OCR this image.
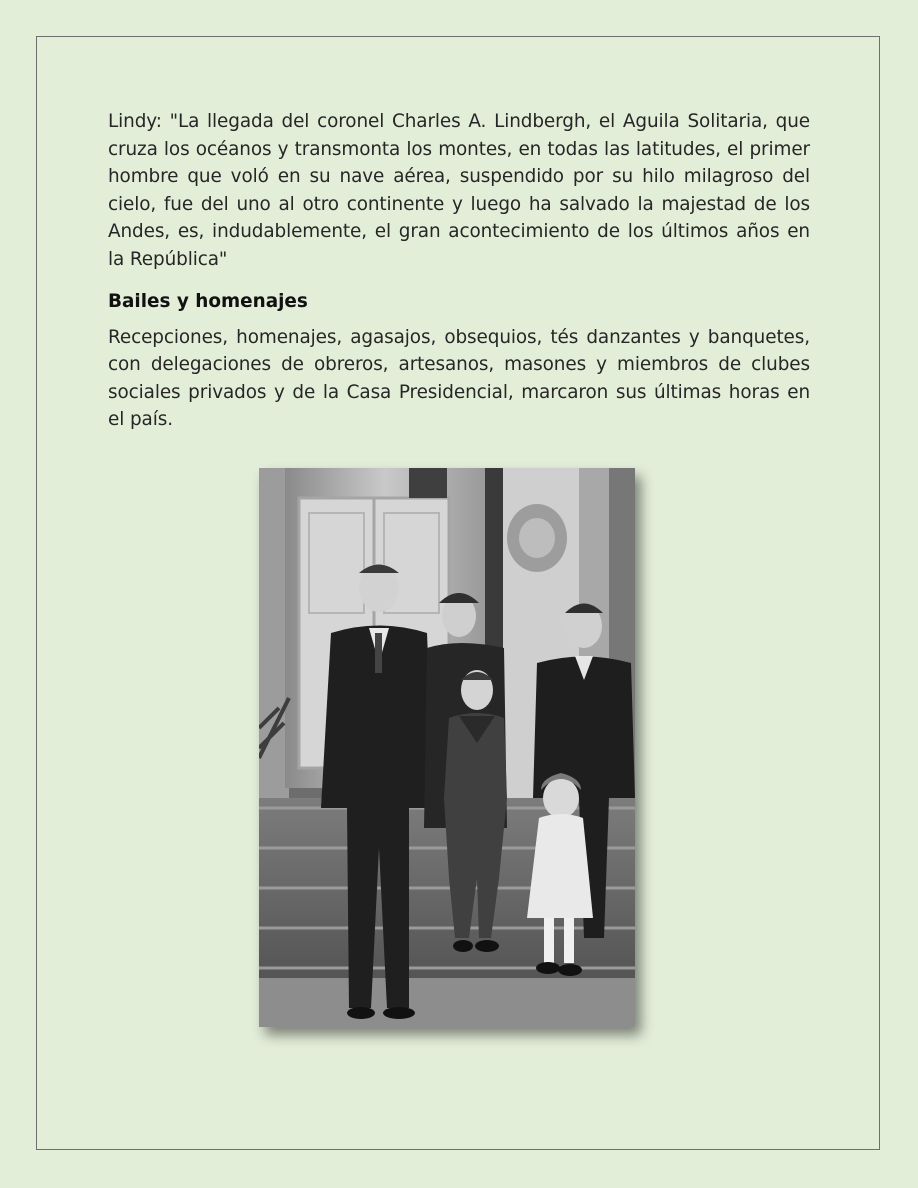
Lindy: "La llegada del coronel Charles A. Lindbergh, el Aguila Solitaria, que cruza los océanos y transmonta los montes, en todas las latitudes, el primer hombre que voló en su nave aérea, suspendido por su hilo milagroso del cielo, fue del uno al otro continente y luego ha salvado la majestad de los Andes, es, indudablemente, el gran acontecimiento de los últimos años en la República"

Bailes y homenajes

Recepciones, homenajes, agasajos, obsequios, tés danzantes y banquetes, con delegaciones de obreros, artesanos, masones y miembros de clubes sociales privados y de la Casa Presidencial, marcaron sus últimas horas en el país.
